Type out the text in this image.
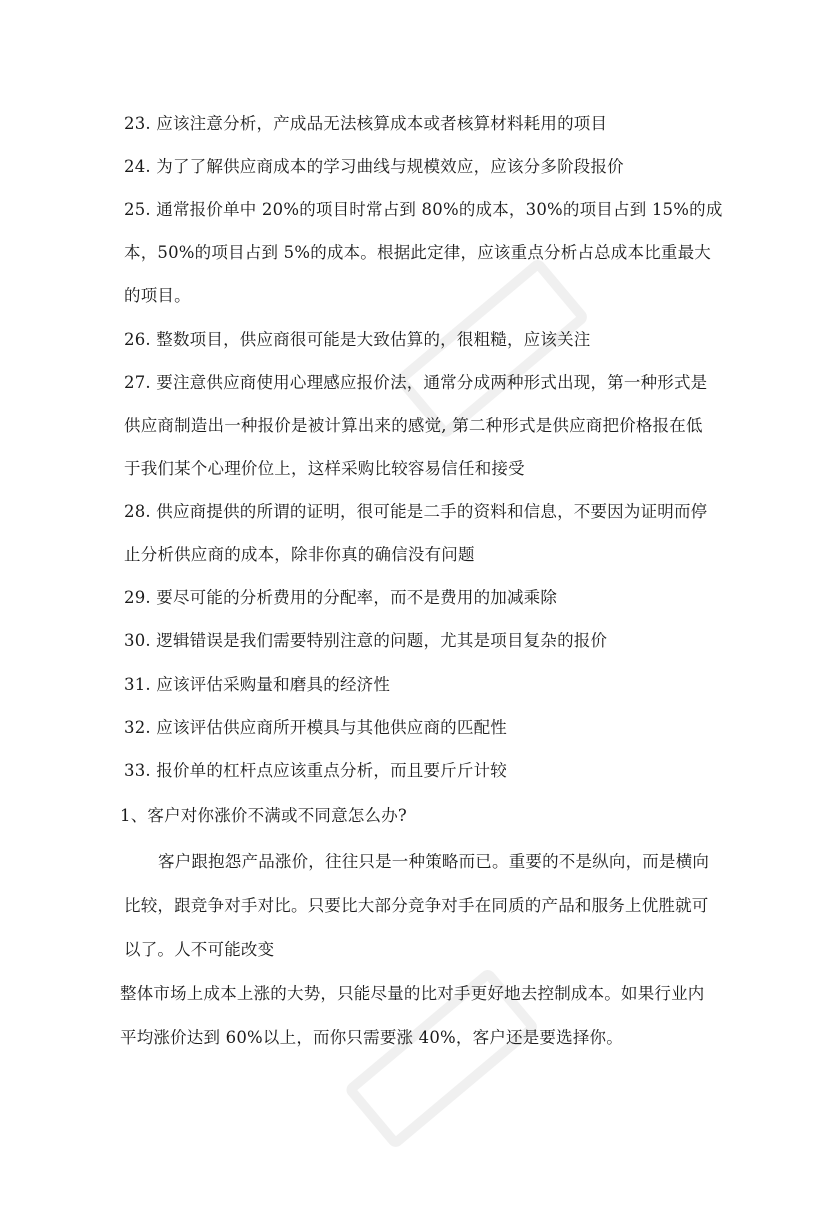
23. 应该注意分析，产成品无法核算成本或者核算材料耗用的项目
24. 为了了解供应商成本的学习曲线与规模效应，应该分多阶段报价
25. 通常报价单中 20%的项目时常占到 80%的成本，30%的项目占到 15%的成
本，50%的项目占到 5%的成本。根据此定律，应该重点分析占总成本比重最大
的项目。
26. 整数项目，供应商很可能是大致估算的，很粗糙，应该关注
27. 要注意供应商使用心理感应报价法，通常分成两种形式出现，第一种形式是
供应商制造出一种报价是被计算出来的感觉, 第二种形式是供应商把价格报在低
于我们某个心理价位上，这样采购比较容易信任和接受
28. 供应商提供的所谓的证明，很可能是二手的资料和信息，不要因为证明而停
止分析供应商的成本，除非你真的确信没有问题
29. 要尽可能的分析费用的分配率，而不是费用的加减乘除
30. 逻辑错误是我们需要特别注意的问题，尤其是项目复杂的报价
31. 应该评估采购量和磨具的经济性
32. 应该评估供应商所开模具与其他供应商的匹配性
33. 报价单的杠杆点应该重点分析，而且要斤斤计较
1、客户对你涨价不满或不同意怎么办?
客户跟抱怨产品涨价，往往只是一种策略而已。重要的不是纵向，而是横向
比较，跟竞争对手对比。只要比大部分竞争对手在同质的产品和服务上优胜就可
以了。人不可能改变
整体市场上成本上涨的大势，只能尽量的比对手更好地去控制成本。如果行业内
平均涨价达到 60%以上，而你只需要涨 40%，客户还是要选择你。
